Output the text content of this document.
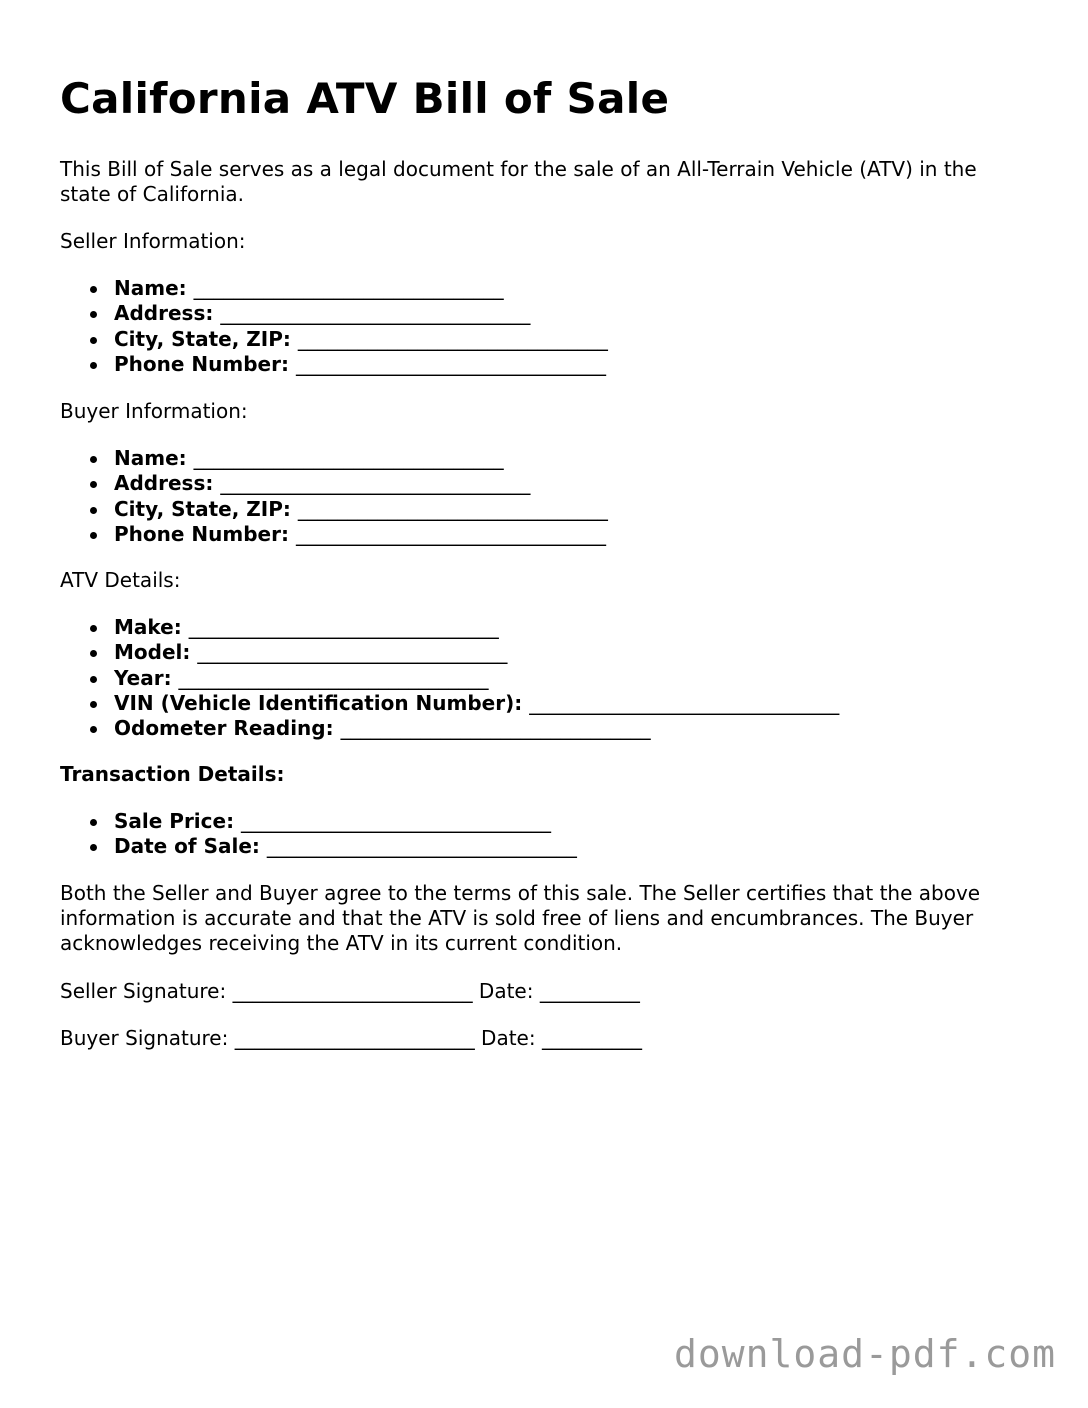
California ATV Bill of Sale

This Bill of Sale serves as a legal document for the sale of an All-Terrain Vehicle (ATV) in the state of California.

Seller Information:

Name: _______________________________
Address: _______________________________
City, State, ZIP: _______________________________
Phone Number: _______________________________

Buyer Information:

Name: _______________________________
Address: _______________________________
City, State, ZIP: _______________________________
Phone Number: _______________________________

ATV Details:

Make: _______________________________
Model: _______________________________
Year: _______________________________
VIN (Vehicle Identification Number): _______________________________
Odometer Reading: _______________________________

Transaction Details:

Sale Price: _______________________________
Date of Sale: _______________________________

Both the Seller and Buyer agree to the terms of this sale. The Seller certifies that the above information is accurate and that the ATV is sold free of liens and encumbrances. The Buyer acknowledges receiving the ATV in its current condition.

Seller Signature: ________________________ Date: __________
Buyer Signature: ________________________ Date: __________
download-pdf.com
